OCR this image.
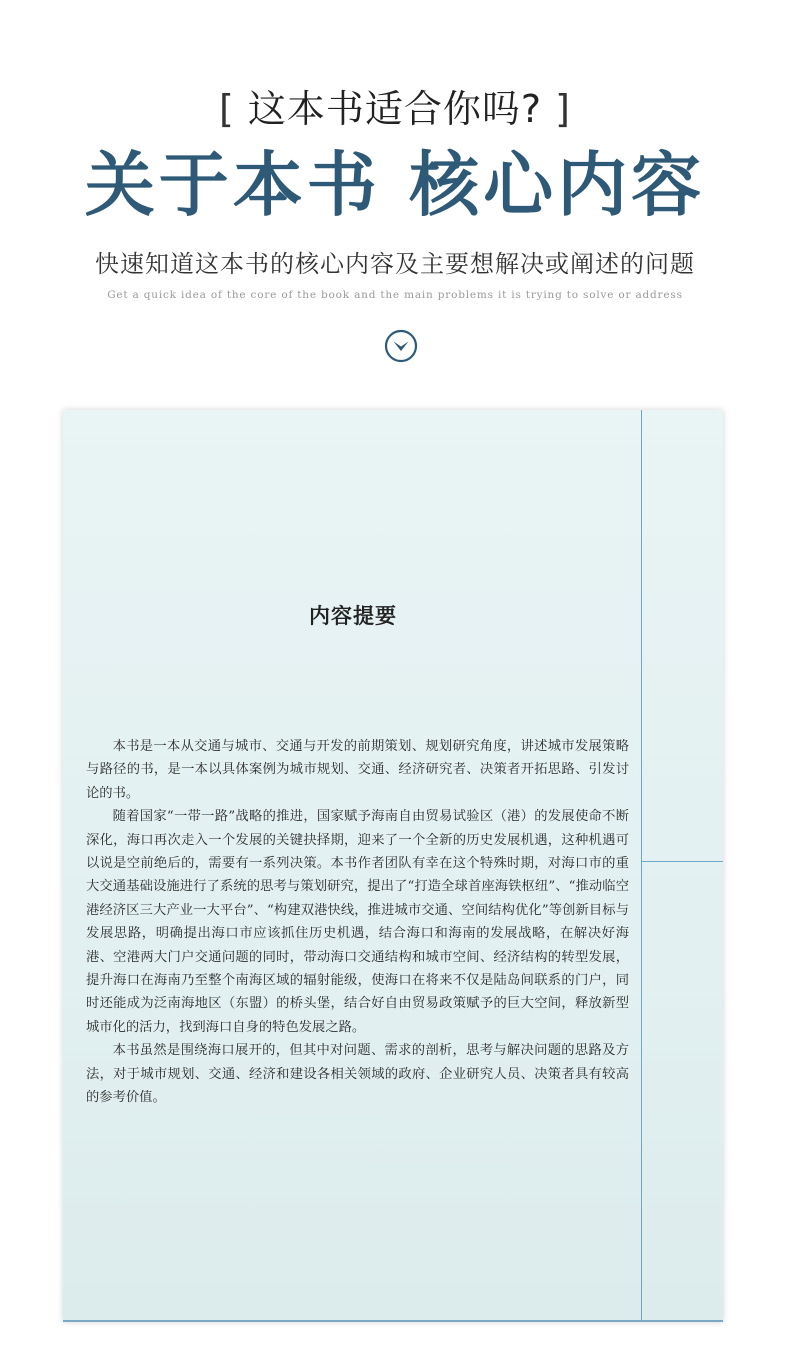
[ 这本书适合你吗? ]
关于本书 核心内容
快速知道这本书的核心内容及主要想解决或阐述的问题
Get a quick idea of the core of the book and the main problems it is trying to solve or address
内容提要

本书是一本从交通与城市、交通与开发的前期策划、规划研究角度，讲述城市发展策略与路径的书，是一本以具体案例为城市规划、交通、经济研究者、决策者开拓思路、引发讨论的书。

随着国家“一带一路”战略的推进，国家赋予海南自由贸易试验区（港）的发展使命不断深化，海口再次走入一个发展的关键抉择期，迎来了一个全新的历史发展机遇，这种机遇可以说是空前绝后的，需要有一系列决策。本书作者团队有幸在这个特殊时期，对海口市的重大交通基础设施进行了系统的思考与策划研究，提出了“打造全球首座海铁枢纽”、“推动临空港经济区三大产业一大平台”、“构建双港快线，推进城市交通、空间结构优化”等创新目标与发展思路，明确提出海口市应该抓住历史机遇，结合海口和海南的发展战略，在解决好海港、空港两大门户交通问题的同时，带动海口交通结构和城市空间、经济结构的转型发展，提升海口在海南乃至整个南海区域的辐射能级，使海口在将来不仅是陆岛间联系的门户，同时还能成为泛南海地区（东盟）的桥头堡，结合好自由贸易政策赋予的巨大空间，释放新型城市化的活力，找到海口自身的特色发展之路。

本书虽然是围绕海口展开的，但其中对问题、需求的剖析，思考与解决问题的思路及方法，对于城市规划、交通、经济和建设各相关领域的政府、企业研究人员、决策者具有较高的参考价值。
